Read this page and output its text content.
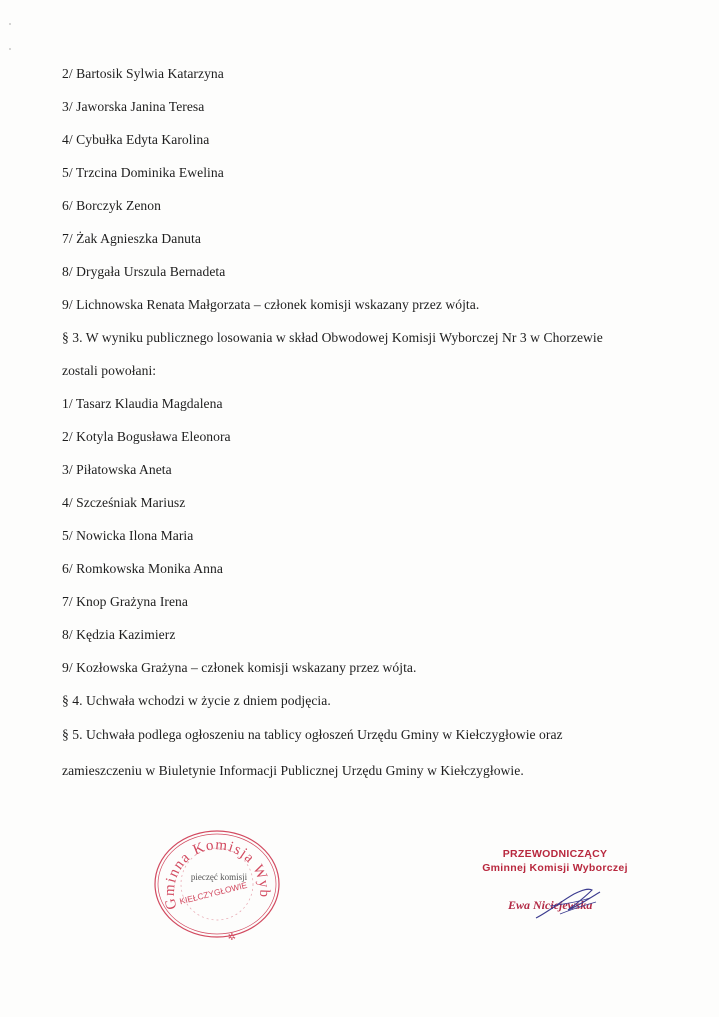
2/ Bartosik Sylwia Katarzyna
3/ Jaworska Janina Teresa
4/ Cybułka Edyta Karolina
5/ Trzcina Dominika Ewelina
6/ Borczyk Zenon
7/ Żak Agnieszka Danuta
8/ Drygała Urszula Bernadeta
9/ Lichnowska Renata Małgorzata – członek komisji wskazany przez wójta.
§ 3. W wyniku publicznego losowania w skład Obwodowej Komisji Wyborczej Nr 3 w Chorzewie
zostali powołani:
1/ Tasarz Klaudia Magdalena
2/ Kotyla Bogusława Eleonora
3/ Piłatowska Aneta
4/ Szcześniak Mariusz
5/ Nowicka Ilona Maria
6/ Romkowska Monika Anna
7/ Knop Grażyna Irena
8/ Kędzia Kazimierz
9/ Kozłowska Grażyna – członek komisji wskazany przez wójta.
§ 4. Uchwała wchodzi w życie z dniem podjęcia.
§ 5. Uchwała podlega ogłoszeniu na tablicy ogłoszeń Urzędu Gminy w Kiełczygłowie oraz
zamieszczeniu w Biuletynie Informacji Publicznej Urzędu Gminy w Kiełczygłowie.
Gminna Komisja Wyb
pieczęć komisji
KIEŁCZYGŁOWIE
✲
PRZEWODNICZĄCY
Gminnej Komisji Wyborczej
Ewa Niciejewska
